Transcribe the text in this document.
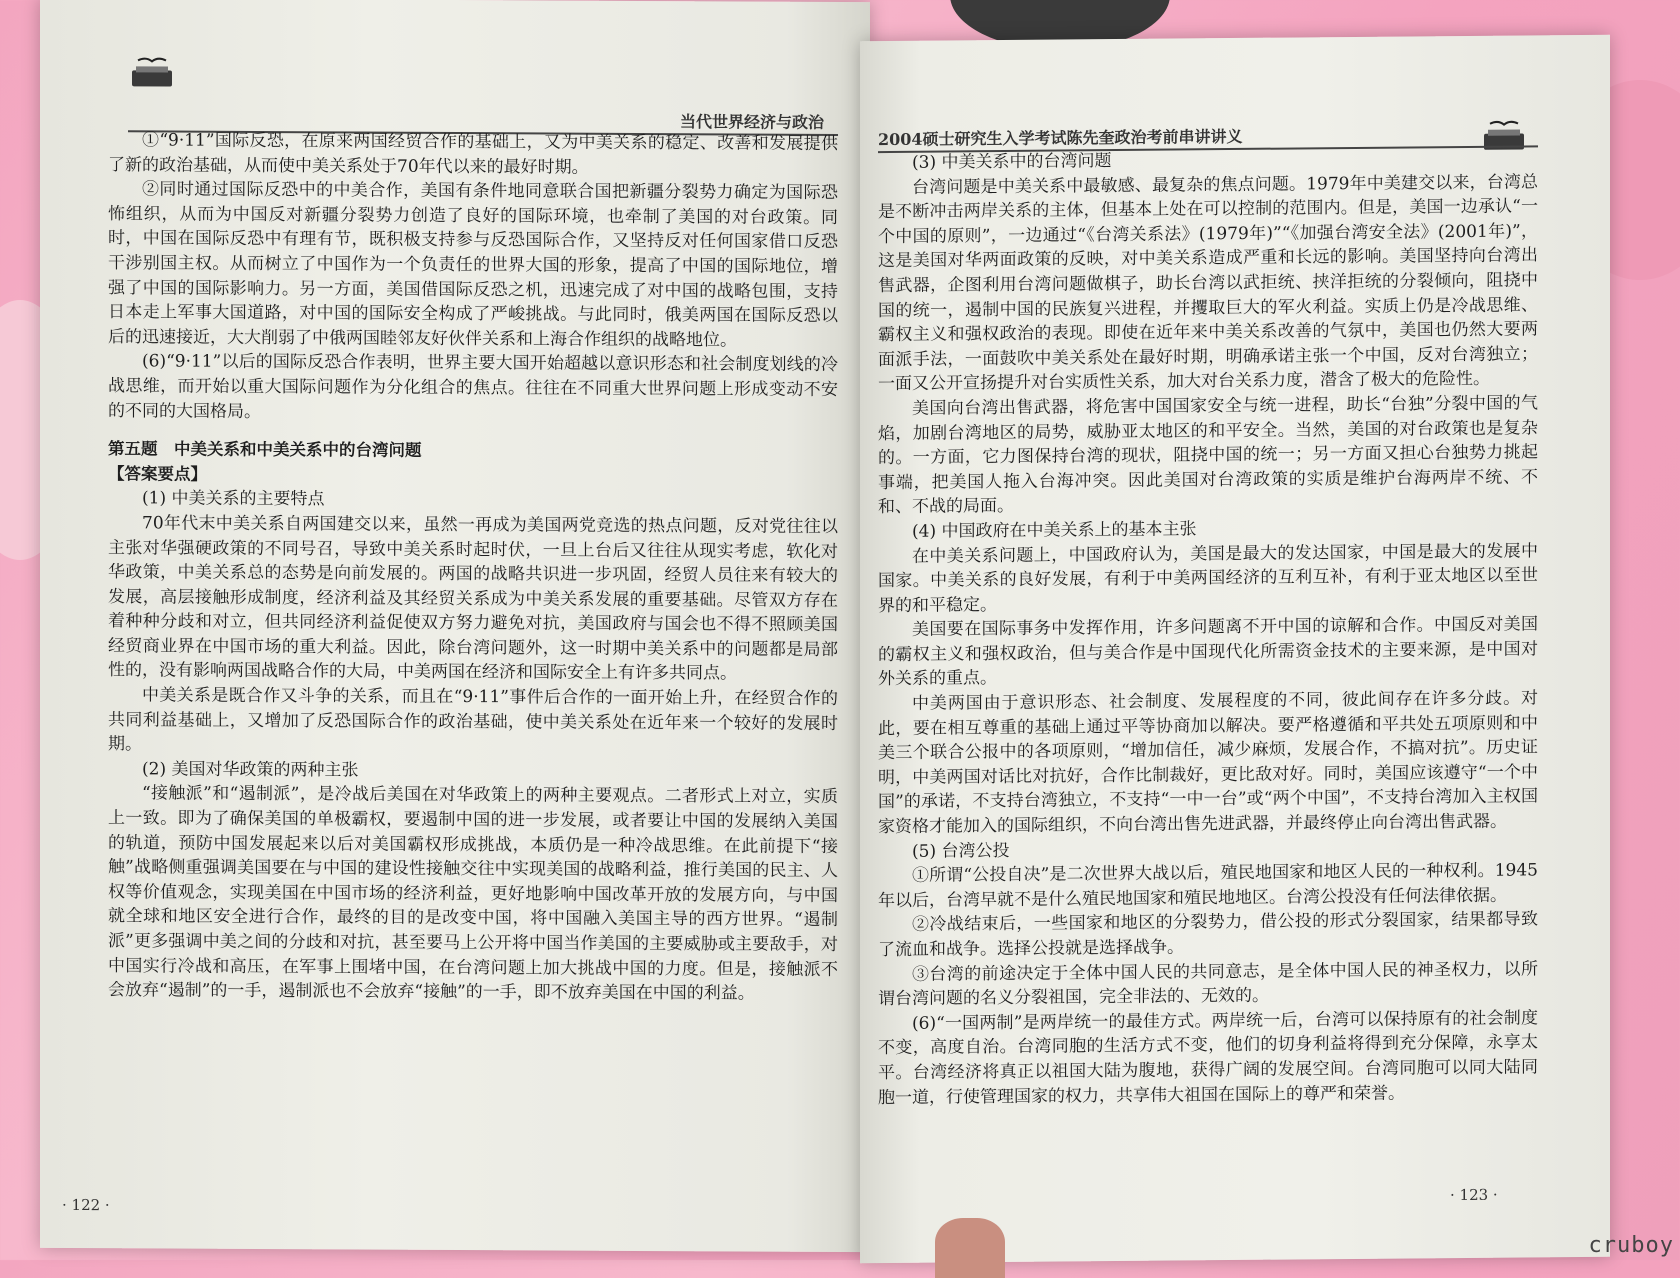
当代世界经济与政治

①“9·11”国际反恐，在原来两国经贸合作的基础上，又为中美关系的稳定、改善和发展提供了新的政治基础，从而使中美关系处于70年代以来的最好时期。

②同时通过国际反恐中的中美合作，美国有条件地同意联合国把新疆分裂势力确定为国际恐怖组织，从而为中国反对新疆分裂势力创造了良好的国际环境，也牵制了美国的对台政策。同时，中国在国际反恐中有理有节，既积极支持参与反恐国际合作，又坚持反对任何国家借口反恐干涉别国主权。从而树立了中国作为一个负责任的世界大国的形象，提高了中国的国际地位，增强了中国的国际影响力。另一方面，美国借国际反恐之机，迅速完成了对中国的战略包围，支持日本走上军事大国道路，对中国的国际安全构成了严峻挑战。与此同时，俄美两国在国际反恐以后的迅速接近，大大削弱了中俄两国睦邻友好伙伴关系和上海合作组织的战略地位。

(6)“9·11”以后的国际反恐合作表明，世界主要大国开始超越以意识形态和社会制度划线的冷战思维，而开始以重大国际问题作为分化组合的焦点。往往在不同重大世界问题上形成变动不安的不同的大国格局。

第五题　中美关系和中美关系中的台湾问题

【答案要点】

(1) 中美关系的主要特点

70年代末中美关系自两国建交以来，虽然一再成为美国两党竞选的热点问题，反对党往往以主张对华强硬政策的不同号召，导致中美关系时起时伏，一旦上台后又往往从现实考虑，软化对华政策，中美关系总的态势是向前发展的。两国的战略共识进一步巩固，经贸人员往来有较大的发展，高层接触形成制度，经济利益及其经贸关系成为中美关系发展的重要基础。尽管双方存在着种种分歧和对立，但共同经济利益促使双方努力避免对抗，美国政府与国会也不得不照顾美国经贸商业界在中国市场的重大利益。因此，除台湾问题外，这一时期中美关系中的问题都是局部性的，没有影响两国战略合作的大局，中美两国在经济和国际安全上有许多共同点。

中美关系是既合作又斗争的关系，而且在“9·11”事件后合作的一面开始上升，在经贸合作的共同利益基础上，又增加了反恐国际合作的政治基础，使中美关系处在近年来一个较好的发展时期。

(2) 美国对华政策的两种主张

“接触派”和“遏制派”，是冷战后美国在对华政策上的两种主要观点。二者形式上对立，实质上一致。即为了确保美国的单极霸权，要遏制中国的进一步发展，或者要让中国的发展纳入美国的轨道，预防中国发展起来以后对美国霸权形成挑战，本质仍是一种冷战思维。在此前提下“接触”战略侧重强调美国要在与中国的建设性接触交往中实现美国的战略利益，推行美国的民主、人权等价值观念，实现美国在中国市场的经济利益，更好地影响中国改革开放的发展方向，与中国就全球和地区安全进行合作，最终的目的是改变中国，将中国融入美国主导的西方世界。“遏制派”更多强调中美之间的分歧和对抗，甚至要马上公开将中国当作美国的主要威胁或主要敌手，对中国实行冷战和高压，在军事上围堵中国，在台湾问题上加大挑战中国的力度。但是，接触派不会放弃“遏制”的一手，遏制派也不会放弃“接触”的一手，即不放弃美国在中国的利益。

· 122 ·
2004硕士研究生入学考试陈先奎政治考前串讲讲义

(3) 中美关系中的台湾问题

台湾问题是中美关系中最敏感、最复杂的焦点问题。1979年中美建交以来，台湾总是不断冲击两岸关系的主体，但基本上处在可以控制的范围内。但是，美国一边承认“一个中国的原则”，一边通过“《台湾关系法》(1979年)”“《加强台湾安全法》(2001年)”，这是美国对华两面政策的反映，对中美关系造成严重和长远的影响。美国坚持向台湾出售武器，企图利用台湾问题做棋子，助长台湾以武拒统、挟洋拒统的分裂倾向，阻挠中国的统一，遏制中国的民族复兴进程，并攫取巨大的军火利益。实质上仍是冷战思维、霸权主义和强权政治的表现。即使在近年来中美关系改善的气氛中，美国也仍然大要两面派手法，一面鼓吹中美关系处在最好时期，明确承诺主张一个中国，反对台湾独立；一面又公开宣扬提升对台实质性关系，加大对台关系力度，潜含了极大的危险性。

美国向台湾出售武器，将危害中国国家安全与统一进程，助长“台独”分裂中国的气焰，加剧台湾地区的局势，威胁亚太地区的和平安全。当然，美国的对台政策也是复杂的。一方面，它力图保持台湾的现状，阻挠中国的统一；另一方面又担心台独势力挑起事端，把美国人拖入台海冲突。因此美国对台湾政策的实质是维护台海两岸不统、不和、不战的局面。

(4) 中国政府在中美关系上的基本主张

在中美关系问题上，中国政府认为，美国是最大的发达国家，中国是最大的发展中国家。中美关系的良好发展，有利于中美两国经济的互利互补，有利于亚太地区以至世界的和平稳定。

美国要在国际事务中发挥作用，许多问题离不开中国的谅解和合作。中国反对美国的霸权主义和强权政治，但与美合作是中国现代化所需资金技术的主要来源，是中国对外关系的重点。

中美两国由于意识形态、社会制度、发展程度的不同，彼此间存在许多分歧。对此，要在相互尊重的基础上通过平等协商加以解决。要严格遵循和平共处五项原则和中美三个联合公报中的各项原则，“增加信任，减少麻烦，发展合作，不搞对抗”。历史证明，中美两国对话比对抗好，合作比制裁好，更比敌对好。同时，美国应该遵守“一个中国”的承诺，不支持台湾独立，不支持“一中一台”或“两个中国”，不支持台湾加入主权国家资格才能加入的国际组织，不向台湾出售先进武器，并最终停止向台湾出售武器。

(5) 台湾公投

①所谓“公投自决”是二次世界大战以后，殖民地国家和地区人民的一种权利。1945年以后，台湾早就不是什么殖民地国家和殖民地地区。台湾公投没有任何法律依据。

②冷战结束后，一些国家和地区的分裂势力，借公投的形式分裂国家，结果都导致了流血和战争。选择公投就是选择战争。

③台湾的前途决定于全体中国人民的共同意志，是全体中国人民的神圣权力，以所谓台湾问题的名义分裂祖国，完全非法的、无效的。

(6)“一国两制”是两岸统一的最佳方式。两岸统一后，台湾可以保持原有的社会制度不变，高度自治。台湾同胞的生活方式不变，他们的切身利益将得到充分保障，永享太平。台湾经济将真正以祖国大陆为腹地，获得广阔的发展空间。台湾同胞可以同大陆同胞一道，行使管理国家的权力，共享伟大祖国在国际上的尊严和荣誉。

· 123 ·
cruboy
